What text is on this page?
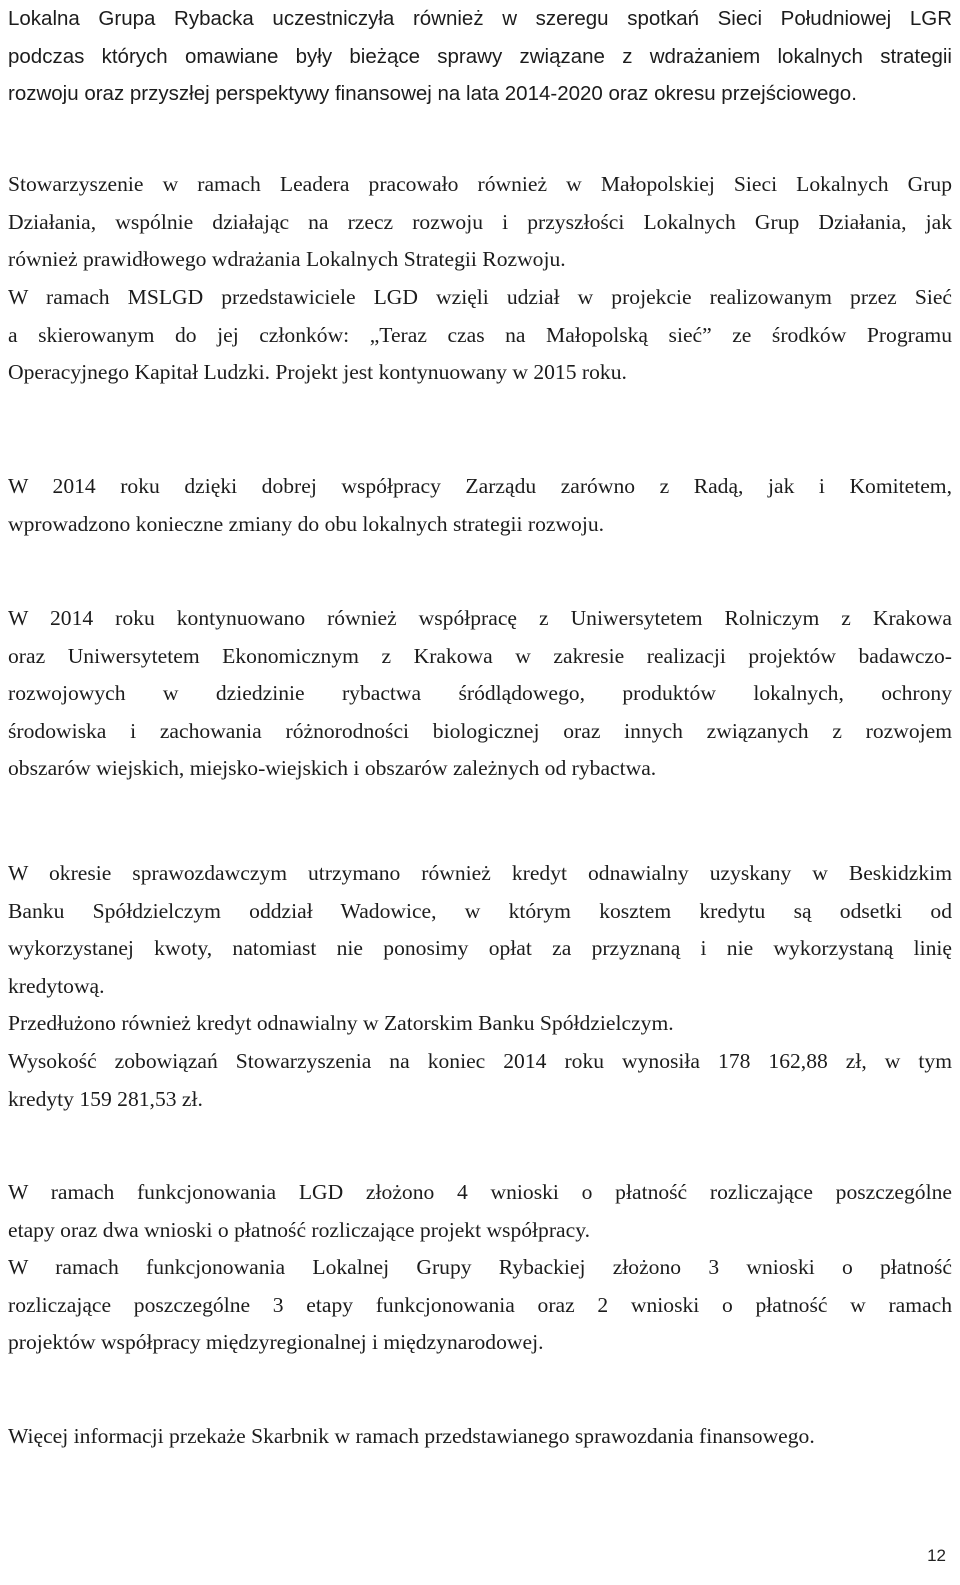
Lokalna Grupa Rybacka uczestniczyła również w szeregu spotkań Sieci Południowej LGR
podczas których omawiane były bieżące sprawy związane z wdrażaniem lokalnych strategii
rozwoju oraz przyszłej perspektywy finansowej na lata 2014-2020 oraz okresu przejściowego.

Stowarzyszenie w ramach Leadera pracowało również w Małopolskiej Sieci Lokalnych Grup
Działania, wspólnie działając na rzecz rozwoju i przyszłości Lokalnych Grup Działania, jak
również prawidłowego wdrażania Lokalnych Strategii Rozwoju.

W ramach MSLGD przedstawiciele LGD wzięli udział w projekcie realizowanym przez Sieć
a skierowanym do jej członków: „Teraz czas na Małopolską sieć” ze środków Programu
Operacyjnego Kapitał Ludzki. Projekt jest kontynuowany w 2015 roku.

W 2014 roku dzięki dobrej współpracy Zarządu zarówno z Radą, jak i Komitetem,
wprowadzono konieczne zmiany do obu lokalnych strategii rozwoju.

W 2014 roku kontynuowano również współpracę z Uniwersytetem Rolniczym z Krakowa
oraz Uniwersytetem Ekonomicznym z Krakowa w zakresie realizacji projektów badawczo-
rozwojowych w dziedzinie rybactwa śródlądowego, produktów lokalnych, ochrony
środowiska i zachowania różnorodności biologicznej oraz innych związanych z rozwojem
obszarów wiejskich, miejsko-wiejskich i obszarów zależnych od rybactwa.

W okresie sprawozdawczym utrzymano również kredyt odnawialny uzyskany w Beskidzkim
Banku Spółdzielczym oddział Wadowice, w którym kosztem kredytu są odsetki od
wykorzystanej kwoty, natomiast nie ponosimy opłat za przyznaną i nie wykorzystaną linię
kredytową.

Przedłużono również kredyt odnawialny w Zatorskim Banku Spółdzielczym.

Wysokość zobowiązań Stowarzyszenia na koniec 2014 roku wynosiła 178 162,88 zł, w tym
kredyty 159 281,53 zł.

W ramach funkcjonowania LGD złożono 4 wnioski o płatność rozliczające poszczególne
etapy oraz dwa wnioski o płatność rozliczające projekt współpracy.

W ramach funkcjonowania Lokalnej Grupy Rybackiej złożono 3 wnioski o płatność
rozliczające poszczególne 3 etapy funkcjonowania oraz 2 wnioski o płatność w ramach
projektów współpracy międzyregionalnej i międzynarodowej.

Więcej informacji przekaże Skarbnik w ramach przedstawianego sprawozdania finansowego.

12
